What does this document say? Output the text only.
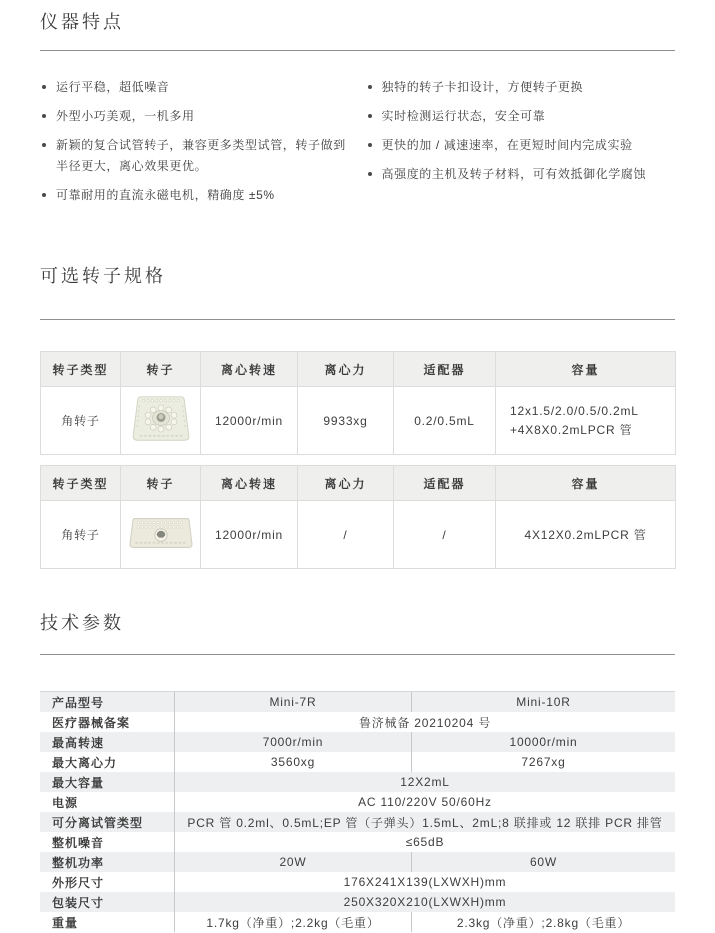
仪器特点
运行平稳，超低噪音
外型小巧美观，一机多用
新颖的复合试管转子，兼容更多类型试管，转子做到半径更大，离心效果更优。
可靠耐用的直流永磁电机，精确度 ±5%
独特的转子卡扣设计，方便转子更换
实时检测运行状态，安全可靠
更快的加 / 减速速率，在更短时间内完成实验
高强度的主机及转子材料，可有效抵御化学腐蚀
可选转子规格
转子类型	转子	离心转速	离心力	适配器	容量
角转子		12000r/min	9933xg	0.2/0.5mL	12x1.5/2.0/0.5/0.2mL
+4X8X0.2mLPCR 管
转子类型	转子	离心转速	离心力	适配器	容量
角转子		12000r/min	/	/	4X12X0.2mLPCR 管
技术参数
产品型号	Mini-7R	Mini-10R
医疗器械备案	鲁济械备 20210204 号
最高转速	7000r/min	10000r/min
最大离心力	3560xg	7267xg
最大容量	12X2mL
电源	AC 110/220V 50/60Hz
可分离试管类型	PCR 管 0.2ml、0.5mL;EP 管（子弹头）1.5mL、2mL;8 联排或 12 联排 PCR 排管
整机噪音	≤65dB
整机功率	20W	60W
外形尺寸	176X241X139(LXWXH)mm
包装尺寸	250X320X210(LXWXH)mm
重量	1.7kg（净重）;2.2kg（毛重）	2.3kg（净重）;2.8kg（毛重）
